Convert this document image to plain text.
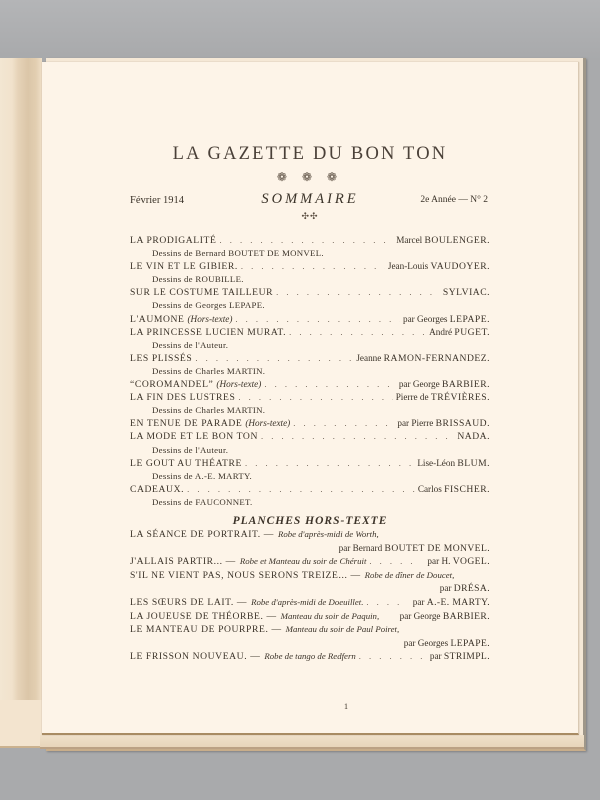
LA GAZETTE DU BON TON
❁ ❁ ❁
Février 1914	SOMMAIRE	2e Année — N° 2
✣✣
LA PRODIGALITÉ . . .	Marcel BOULENGER.
Dessins de Bernard BOUTET DE MONVEL.
LE VIN ET LE GIBIER. . . .	Jean-Louis VAUDOYER.
Dessins de ROUBILLE.
SUR LE COSTUME TAILLEUR . . .	SYLVIAC.
Dessins de Georges LEPAPE.
L'AUMONE (Hors-texte) . . .	par Georges LEPAPE.
LA PRINCESSE LUCIEN MURAT. . . .	André PUGET.
Dessins de l'Auteur.
LES PLISSÉS . . .	Jeanne RAMON-FERNANDEZ.
Dessins de Charles MARTIN.
“COROMANDEL” (Hors-texte) . . .	par George BARBIER.
LA FIN DES LUSTRES . . .	Pierre de TRÉVIÈRES.
Dessins de Charles MARTIN.
EN TENUE DE PARADE (Hors-texte) . . .	par Pierre BRISSAUD.
LA MODE ET LE BON TON . . .	NADA.
Dessins de l'Auteur.
LE GOUT AU THÉATRE . . .	Lise-Léon BLUM.
Dessins de A.-E. MARTY.
CADEAUX. . . .	Carlos FISCHER.
Dessins de FAUCONNET.
PLANCHES HORS-TEXTE
LA SÉANCE DE PORTRAIT. — Robe d'après-midi de Worth,
par Bernard BOUTET DE MONVEL.
J'ALLAIS PARTIR... — Robe et Manteau du soir de Chéruit . . .	par H. VOGEL.
S'IL NE VIENT PAS, NOUS SERONS TREIZE... — Robe de dîner de Doucet,
par DRÉSA.
LES SŒURS DE LAIT. — Robe d'après-midi de Doeuillet. . . .	par A.-E. MARTY.
LA JOUEUSE DE THÉORBE. — Manteau du soir de Paquin, par George BARBIER.
LE MANTEAU DE POURPRE. — Manteau du soir de Paul Poiret,
par Georges LEPAPE.
LE FRISSON NOUVEAU. — Robe de tango de Redfern . . .	par STRIMPL.
1
